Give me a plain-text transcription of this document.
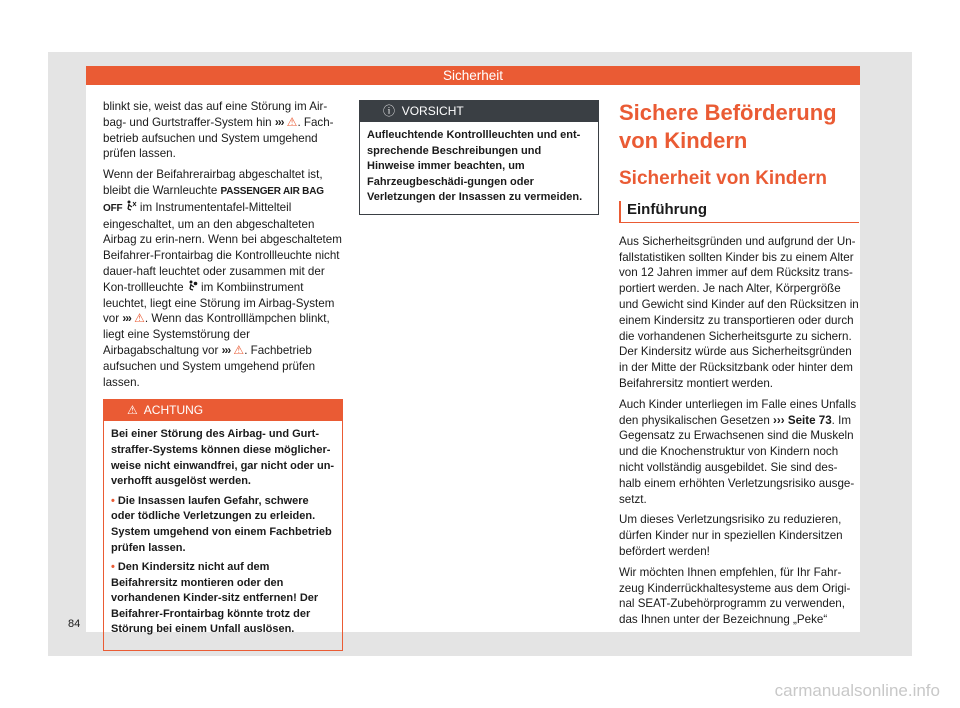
Sicherheit

blinkt sie, weist das auf eine Störung im Air-bag- und Gurtstraffer-System hin ››› ⚠. Fach-betrieb aufsuchen und System umgehend prüfen lassen.

Wenn der Beifahrerairbag abgeschaltet ist, bleibt die Warnleuchte PASSENGER AIR BAG OFF  im Instrumententafel-Mittelteil eingeschaltet, um an den abgeschalteten Airbag zu erin-nern. Wenn bei abgeschaltetem Beifahrer-Frontairbag die Kontrollleuchte nicht dauer-haft leuchtet oder zusammen mit der Kon-trollleuchte  im Kombiinstrument leuchtet, liegt eine Störung im Airbag-System vor ››› ⚠. Wenn das Kontrolllämpchen blinkt, liegt eine Systemstörung der Airbagabschaltung vor ››› ⚠. Fachbetrieb aufsuchen und System umgehend prüfen lassen.

⚠ ACHTUNG

Bei einer Störung des Airbag- und Gurt-straffer-Systems können diese möglicher-weise nicht einwandfrei, gar nicht oder un-verhofft ausgelöst werden.

• Die Insassen laufen Gefahr, schwere oder tödliche Verletzungen zu erleiden. System umgehend von einem Fachbetrieb prüfen lassen.

• Den Kindersitz nicht auf dem Beifahrersitz montieren oder den vorhandenen Kinder-sitz entfernen! Der Beifahrer-Frontairbag könnte trotz der Störung bei einem Unfall auslösen.

ⓘ VORSICHT
Aufleuchtende Kontrollleuchten und ent-sprechende Beschreibungen und Hinweise immer beachten, um Fahrzeugbeschädi-gungen oder Verletzungen der Insassen zu vermeiden.
Sichere Beförderung von Kindern
Sicherheit von Kindern
Einführung

Aus Sicherheitsgründen und aufgrund der Un-fallstatistiken sollten Kinder bis zu einem Alter von 12 Jahren immer auf dem Rücksitz trans-portiert werden. Je nach Alter, Körpergröße und Gewicht sind Kinder auf den Rücksitzen in einem Kindersitz zu transportieren oder durch die vorhandenen Sicherheitsgurte zu sichern. Der Kindersitz würde aus Sicherheitsgründen in der Mitte der Rücksitzbank oder hinter dem Beifahrersitz montiert werden.

Auch Kinder unterliegen im Falle eines Unfalls den physikalischen Gesetzen ››› Seite 73. Im Gegensatz zu Erwachsenen sind die Muskeln und die Knochenstruktur von Kindern noch nicht vollständig ausgebildet. Sie sind des-halb einem erhöhten Verletzungsrisiko ausge-setzt.

Um dieses Verletzungsrisiko zu reduzieren, dürfen Kinder nur in speziellen Kindersitzen befördert werden!

Wir möchten Ihnen empfehlen, für Ihr Fahr-zeug Kinderrückhaltesysteme aus dem Origi-nal SEAT-Zubehörprogramm zu verwenden, das Ihnen unter der Bezeichnung „Peke“

84
carmanualsonline.info
